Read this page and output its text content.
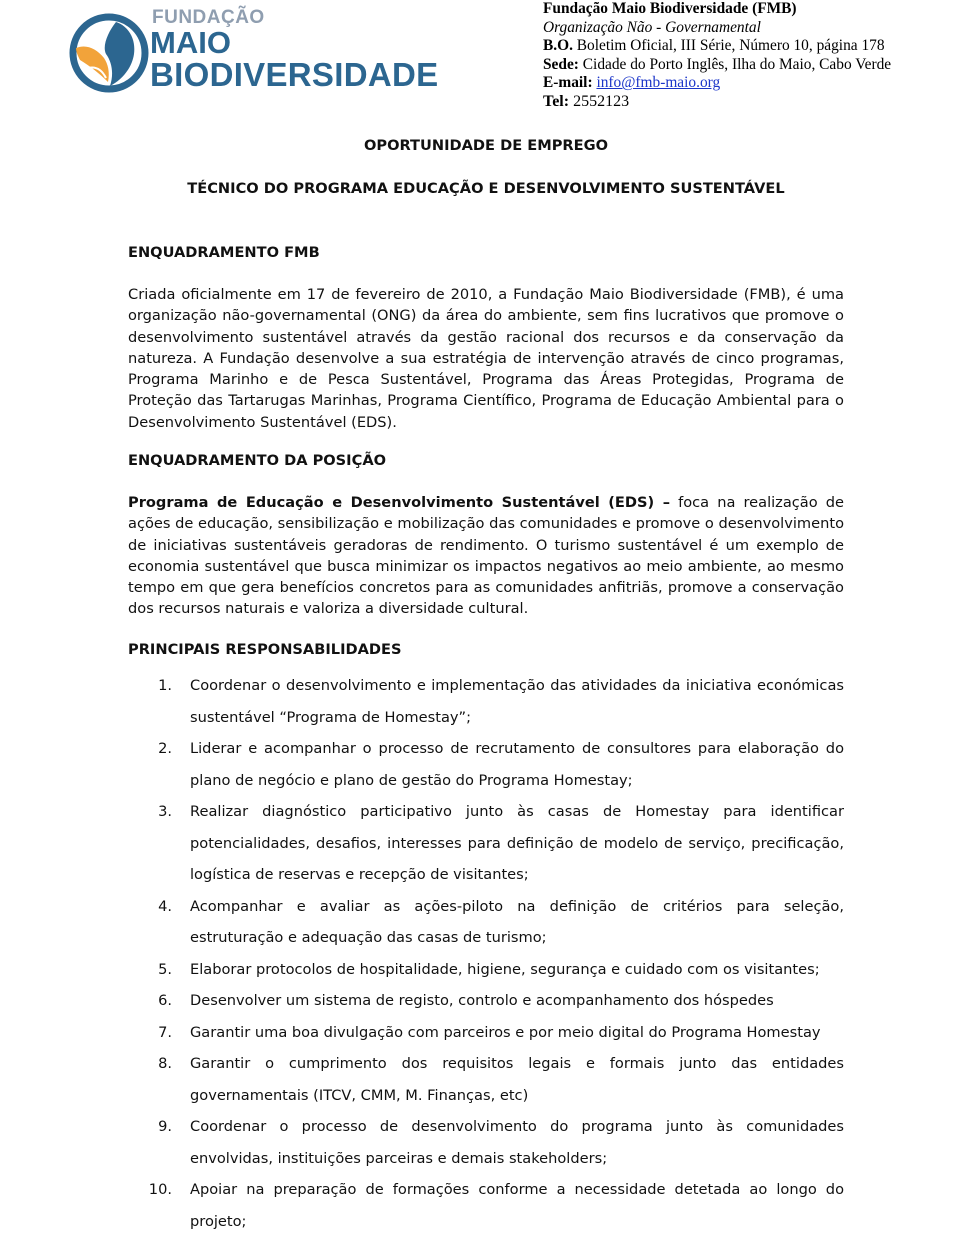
FUNDAÇÃO
MAIO
BIODIVERSIDADE
Fundação Maio Biodiversidade (FMB)
Organização Não - Governamental
B.O. Boletim Oficial, III Série, Número 10, página 178
Sede: Cidade do Porto Inglês, Ilha do Maio, Cabo Verde
E-mail: info@fmb-maio.org
Tel: 2552123
OPORTUNIDADE DE EMPREGO
TÉCNICO DO PROGRAMA EDUCAÇÃO E DESENVOLVIMENTO SUSTENTÁVEL
ENQUADRAMENTO FMB
Criada oficialmente em 17 de fevereiro de 2010, a Fundação Maio Biodiversidade (FMB), é uma organização não-governamental (ONG) da área do ambiente, sem fins lucrativos que promove o desenvolvimento sustentável através da gestão racional dos recursos e da conservação da natureza. A Fundação desenvolve a sua estratégia de intervenção através de cinco programas, Programa Marinho e de Pesca Sustentável, Programa das Áreas Protegidas, Programa de Proteção das Tartarugas Marinhas, Programa Científico, Programa de Educação Ambiental para o Desenvolvimento Sustentável (EDS).
ENQUADRAMENTO DA POSIÇÃO
Programa de Educação e Desenvolvimento Sustentável (EDS) – foca na realização de ações de educação, sensibilização e mobilização das comunidades e promove o desenvolvimento de iniciativas sustentáveis geradoras de rendimento. O turismo sustentável é um exemplo de economia sustentável que busca minimizar os impactos negativos ao meio ambiente, ao mesmo tempo em que gera benefícios concretos para as comunidades anfitriãs, promove a conservação dos recursos naturais e valoriza a diversidade cultural.
PRINCIPAIS RESPONSABILIDADES
1. Coordenar o desenvolvimento e implementação das atividades da iniciativa económicas sustentável “Programa de Homestay”;
2. Liderar e acompanhar o processo de recrutamento de consultores para elaboração do plano de negócio e plano de gestão do Programa Homestay;
3. Realizar diagnóstico participativo junto às casas de Homestay para identificar potencialidades, desafios, interesses para definição de modelo de serviço, precificação, logística de reservas e recepção de visitantes;
4. Acompanhar e avaliar as ações-piloto na definição de critérios para seleção, estruturação e adequação das casas de turismo;
5. Elaborar protocolos de hospitalidade, higiene, segurança e cuidado com os visitantes;
6. Desenvolver um sistema de registo, controlo e acompanhamento dos hóspedes
7. Garantir uma boa divulgação com parceiros e por meio digital do Programa Homestay
8. Garantir o cumprimento dos requisitos legais e formais junto das entidades governamentais (ITCV, CMM, M. Finanças, etc)
9. Coordenar o processo de desenvolvimento do programa junto às comunidades envolvidas, instituições parceiras e demais stakeholders;
10. Apoiar na preparação de formações conforme a necessidade detetada ao longo do projeto;
